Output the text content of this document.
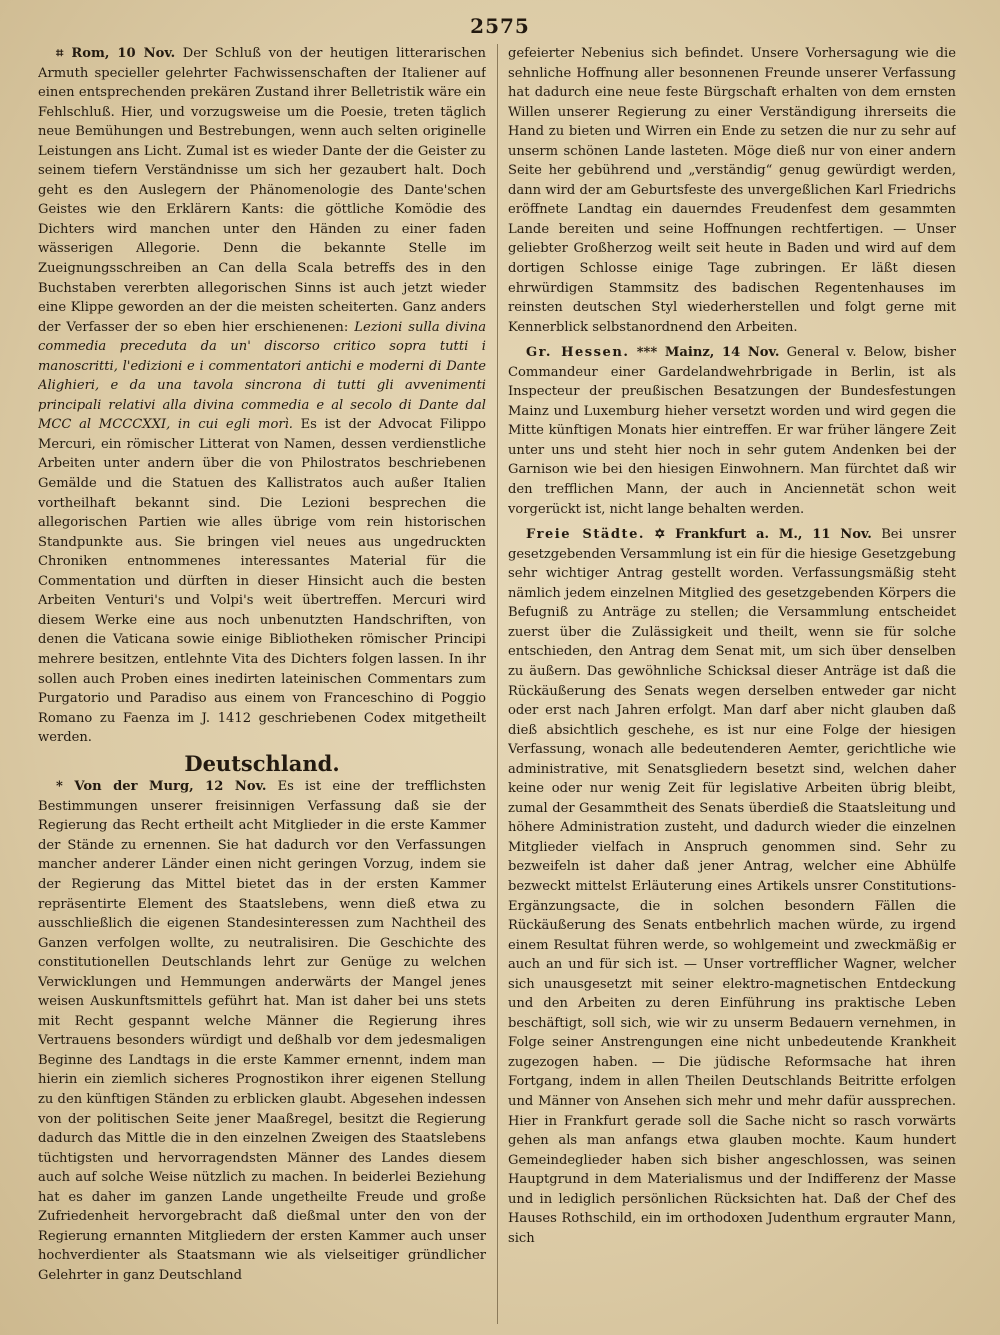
2575

⌗ Rom, 10 Nov. Der Schluß von der heutigen litterarischen Armuth specieller gelehrter Fachwissenschaften der Italiener auf einen entsprechenden prekären Zustand ihrer Belletristik wäre ein Fehlschluß. Hier, und vorzugsweise um die Poesie, treten täglich neue Bemühungen und Bestrebungen, wenn auch selten originelle Leistungen ans Licht. Zumal ist es wieder Dante der die Geister zu seinem tiefern Verständnisse um sich her gezaubert halt. Doch geht es den Auslegern der Phänomenologie des Dante'schen Geistes wie den Erklärern Kants: die göttliche Komödie des Dichters wird manchen unter den Händen zu einer faden wässerigen Allegorie. Denn die bekannte Stelle im Zueignungsschreiben an Can della Scala betreffs des in den Buchstaben vererbten allegorischen Sinns ist auch jetzt wieder eine Klippe geworden an der die meisten scheiterten. Ganz anders der Verfasser der so eben hier erschienenen: Lezioni sulla divina commedia preceduta da un' discorso critico sopra tutti i manoscritti, l'edizioni e i commentatori antichi e moderni di Dante Alighieri, e da una tavola sincrona di tutti gli avvenimenti principali relativi alla divina commedia e al secolo di Dante dal MCC al MCCCXXI, in cui egli morì. Es ist der Advocat Filippo Mercuri, ein römischer Litterat von Namen, dessen verdienstliche Arbeiten unter andern über die von Philostratos beschriebenen Gemälde und die Statuen des Kallistratos auch außer Italien vortheilhaft bekannt sind. Die Lezioni besprechen die allegorischen Partien wie alles übrige vom rein historischen Standpunkte aus. Sie bringen viel neues aus ungedruckten Chroniken entnommenes interessantes Material für die Commentation und dürften in dieser Hinsicht auch die besten Arbeiten Venturi's und Volpi's weit übertreffen. Mercuri wird diesem Werke eine aus noch unbenutzten Handschriften, von denen die Vaticana sowie einige Bibliotheken römischer Principi mehrere besitzen, entlehnte Vita des Dichters folgen lassen. In ihr sollen auch Proben eines inedirten lateinischen Commentars zum Purgatorio und Paradiso aus einem von Franceschino di Poggio Romano zu Faenza im J. 1412 geschriebenen Codex mitgetheilt werden.

Deutschland.

* Von der Murg, 12 Nov. Es ist eine der trefflichsten Bestimmungen unserer freisinnigen Verfassung daß sie der Regierung das Recht ertheilt acht Mitglieder in die erste Kammer der Stände zu ernennen. Sie hat dadurch vor den Verfassungen mancher anderer Länder einen nicht geringen Vorzug, indem sie der Regierung das Mittel bietet das in der ersten Kammer repräsentirte Element des Staatslebens, wenn dieß etwa zu ausschließlich die eigenen Standesinteressen zum Nachtheil des Ganzen verfolgen wollte, zu neutralisiren. Die Geschichte des constitutionellen Deutschlands lehrt zur Genüge zu welchen Verwicklungen und Hemmungen anderwärts der Mangel jenes weisen Auskunftsmittels geführt hat. Man ist daher bei uns stets mit Recht gespannt welche Männer die Regierung ihres Vertrauens besonders würdigt und deßhalb vor dem jedesmaligen Beginne des Landtags in die erste Kammer ernennt, indem man hierin ein ziemlich sicheres Prognostikon ihrer eigenen Stellung zu den künftigen Ständen zu erblicken glaubt. Abgesehen indessen von der politischen Seite jener Maaßregel, besitzt die Regierung dadurch das Mittle die in den einzelnen Zweigen des Staatslebens tüchtigsten und hervorragendsten Männer des Landes diesem auch auf solche Weise nützlich zu machen. In beiderlei Beziehung hat es daher im ganzen Lande ungetheilte Freude und große Zufriedenheit hervorgebracht daß dießmal unter den von der Regierung ernannten Mitgliedern der ersten Kammer auch unser hochverdienter als Staatsmann wie als vielseitiger gründlicher Gelehrter in ganz Deutschland

gefeierter Nebenius sich befindet. Unsere Vorhersagung wie die sehnliche Hoffnung aller besonnenen Freunde unserer Verfassung hat dadurch eine neue feste Bürgschaft erhalten von dem ernsten Willen unserer Regierung zu einer Verständigung ihrerseits die Hand zu bieten und Wirren ein Ende zu setzen die nur zu sehr auf unserm schönen Lande lasteten. Möge dieß nur von einer andern Seite her gebührend und „verständig“ genug gewürdigt werden, dann wird der am Geburtsfeste des unvergeßlichen Karl Friedrichs eröffnete Landtag ein dauerndes Freudenfest dem gesammten Lande bereiten und seine Hoffnungen rechtfertigen. — Unser geliebter Großherzog weilt seit heute in Baden und wird auf dem dortigen Schlosse einige Tage zubringen. Er läßt diesen ehrwürdigen Stammsitz des badischen Regentenhauses im reinsten deutschen Styl wiederherstellen und folgt gerne mit Kennerblick selbstanordnend den Arbeiten.

Gr. Hessen. *** Mainz, 14 Nov. General v. Below, bisher Commandeur einer Gardelandwehrbrigade in Berlin, ist als Inspecteur der preußischen Besatzungen der Bundesfestungen Mainz und Luxemburg hieher versetzt worden und wird gegen die Mitte künftigen Monats hier eintreffen. Er war früher längere Zeit unter uns und steht hier noch in sehr gutem Andenken bei der Garnison wie bei den hiesigen Einwohnern. Man fürchtet daß wir den trefflichen Mann, der auch in Anciennetät schon weit vorgerückt ist, nicht lange behalten werden.

Freie Städte. ✡ Frankfurt a. M., 11 Nov. Bei unsrer gesetzgebenden Versammlung ist ein für die hiesige Gesetzgebung sehr wichtiger Antrag gestellt worden. Verfassungsmäßig steht nämlich jedem einzelnen Mitglied des gesetzgebenden Körpers die Befugniß zu Anträge zu stellen; die Versammlung entscheidet zuerst über die Zulässigkeit und theilt, wenn sie für solche entschieden, den Antrag dem Senat mit, um sich über denselben zu äußern. Das gewöhnliche Schicksal dieser Anträge ist daß die Rückäußerung des Senats wegen derselben entweder gar nicht oder erst nach Jahren erfolgt. Man darf aber nicht glauben daß dieß absichtlich geschehe, es ist nur eine Folge der hiesigen Verfassung, wonach alle bedeutenderen Aemter, gerichtliche wie administrative, mit Senatsgliedern besetzt sind, welchen daher keine oder nur wenig Zeit für legislative Arbeiten übrig bleibt, zumal der Gesammtheit des Senats überdieß die Staatsleitung und höhere Administration zusteht, und dadurch wieder die einzelnen Mitglieder vielfach in Anspruch genommen sind. Sehr zu bezweifeln ist daher daß jener Antrag, welcher eine Abhülfe bezweckt mittelst Erläuterung eines Artikels unsrer Constitutions-Ergänzungsacte, die in solchen besondern Fällen die Rückäußerung des Senats entbehrlich machen würde, zu irgend einem Resultat führen werde, so wohlgemeint und zweckmäßig er auch an und für sich ist. — Unser vortrefflicher Wagner, welcher sich unausgesetzt mit seiner elektro-magnetischen Entdeckung und den Arbeiten zu deren Einführung ins praktische Leben beschäftigt, soll sich, wie wir zu unserm Bedauern vernehmen, in Folge seiner Anstrengungen eine nicht unbedeutende Krankheit zugezogen haben. — Die jüdische Reformsache hat ihren Fortgang, indem in allen Theilen Deutschlands Beitritte erfolgen und Männer von Ansehen sich mehr und mehr dafür aussprechen. Hier in Frankfurt gerade soll die Sache nicht so rasch vorwärts gehen als man anfangs etwa glauben mochte. Kaum hundert Gemeindeglieder haben sich bisher angeschlossen, was seinen Hauptgrund in dem Materialismus und der Indifferenz der Masse und in lediglich persönlichen Rücksichten hat. Daß der Chef des Hauses Rothschild, ein im orthodoxen Judenthum ergrauter Mann, sich
